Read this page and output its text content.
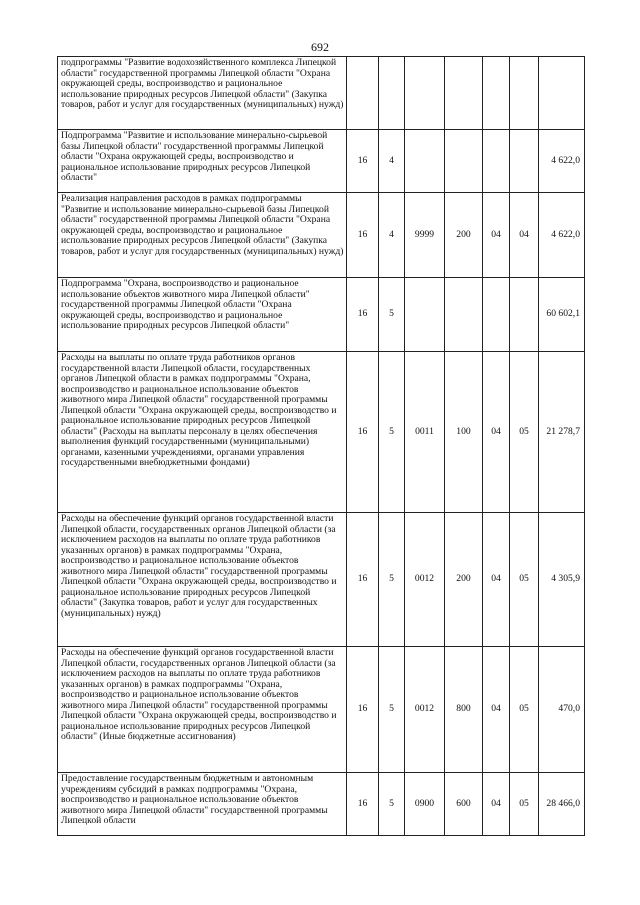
692
подпрограммы "Развитие водохозяйственного комплекса Липецкой области" государственной программы Липецкой области "Охрана окружающей среды, воспроизводство и рациональное использование природных ресурсов Липецкой области" (Закупка товаров, работ и услуг для государственных (муниципальных) нужд)							
Подпрограмма "Развитие и использование минерально-сырьевой базы Липецкой области" государственной программы Липецкой области "Охрана окружающей среды, воспроизводство и рациональное использование природных ресурсов Липецкой области"	16	4					4 622,0
Реализация направления расходов в рамках подпрограммы "Развитие и использование минерально-сырьевой базы Липецкой области" государственной программы Липецкой области "Охрана окружающей среды, воспроизводство и рациональное использование природных ресурсов Липецкой области" (Закупка товаров, работ и услуг для государственных (муниципальных) нужд)	16	4	9999	200	04	04	4 622,0
Подпрограмма "Охрана, воспроизводство и рациональное использование объектов животного мира Липецкой области" государственной программы Липецкой области "Охрана окружающей среды, воспроизводство и рациональное использование природных ресурсов Липецкой области"	16	5					60 602,1
Расходы на выплаты по оплате труда работников органов государственной власти Липецкой области, государственных органов Липецкой области в рамках подпрограммы "Охрана, воспроизводство и рациональное использование объектов животного мира Липецкой области" государственной программы Липецкой области "Охрана окружающей среды, воспроизводство и рациональное использование природных ресурсов Липецкой области" (Расходы на выплаты персоналу в целях обеспечения выполнения функций государственными (муниципальными) органами, казенными учреждениями, органами управления государственными внебюджетными фондами)	16	5	0011	100	04	05	21 278,7
Расходы на обеспечение функций органов государственной власти Липецкой области, государственных органов Липецкой области (за исключением расходов на выплаты по оплате труда работников указанных органов) в рамках подпрограммы "Охрана, воспроизводство и рациональное использование объектов животного мира Липецкой области" государственной программы Липецкой области "Охрана окружающей среды, воспроизводство и рациональное использование природных ресурсов Липецкой области" (Закупка товаров, работ и услуг для государственных (муниципальных) нужд)	16	5	0012	200	04	05	4 305,9
Расходы на обеспечение функций органов государственной власти Липецкой области, государственных органов Липецкой области (за исключением расходов на выплаты по оплате труда работников указанных органов) в рамках подпрограммы "Охрана, воспроизводство и рациональное использование объектов животного мира Липецкой области" государственной программы Липецкой области "Охрана окружающей среды, воспроизводство и рациональное использование природных ресурсов Липецкой области" (Иные бюджетные ассигнования)	16	5	0012	800	04	05	470,0
Предоставление государственным бюджетным и автономным учреждениям субсидий в рамках подпрограммы "Охрана, воспроизводство и рациональное использование объектов животного мира Липецкой области" государственной программы Липецкой области	16	5	0900	600	04	05	28 466,0
